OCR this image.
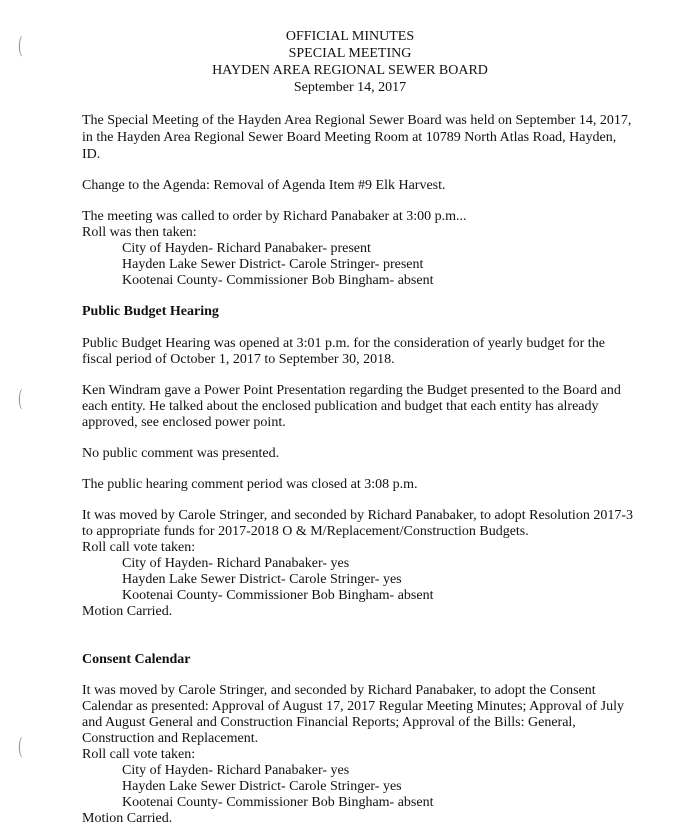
(
(
(
OFFICIAL MINUTES
SPECIAL MEETING
HAYDEN AREA REGIONAL SEWER BOARD
September 14, 2017
The Special Meeting of the Hayden Area Regional Sewer Board was held on September 14, 2017,
in the Hayden Area Regional Sewer Board Meeting Room at 10789 North Atlas Road, Hayden,
ID.
Change to the Agenda: Removal of Agenda Item #9 Elk Harvest.
The meeting was called to order by Richard Panabaker at 3:00 p.m...
Roll was then taken:
City of Hayden- Richard Panabaker- present
Hayden Lake Sewer District- Carole Stringer- present
Kootenai County- Commissioner Bob Bingham- absent
Public Budget Hearing
Public Budget Hearing was opened at 3:01 p.m. for the consideration of yearly budget for the
fiscal period of October 1, 2017 to September 30, 2018.
Ken Windram gave a Power Point Presentation regarding the Budget presented to the Board and
each entity. He talked about the enclosed publication and budget that each entity has already
approved, see enclosed power point.
No public comment was presented.
The public hearing comment period was closed at 3:08 p.m.
It was moved by Carole Stringer, and seconded by Richard Panabaker, to adopt Resolution 2017-3
to appropriate funds for 2017-2018 O & M/Replacement/Construction Budgets.
Roll call vote taken:
City of Hayden- Richard Panabaker- yes
Hayden Lake Sewer District- Carole Stringer- yes
Kootenai County- Commissioner Bob Bingham- absent
Motion Carried.
Consent Calendar
It was moved by Carole Stringer, and seconded by Richard Panabaker, to adopt the Consent
Calendar as presented: Approval of August 17, 2017 Regular Meeting Minutes; Approval of July
and August General and Construction Financial Reports; Approval of the Bills: General,
Construction and Replacement.
Roll call vote taken:
City of Hayden- Richard Panabaker- yes
Hayden Lake Sewer District- Carole Stringer- yes
Kootenai County- Commissioner Bob Bingham- absent
Motion Carried.
